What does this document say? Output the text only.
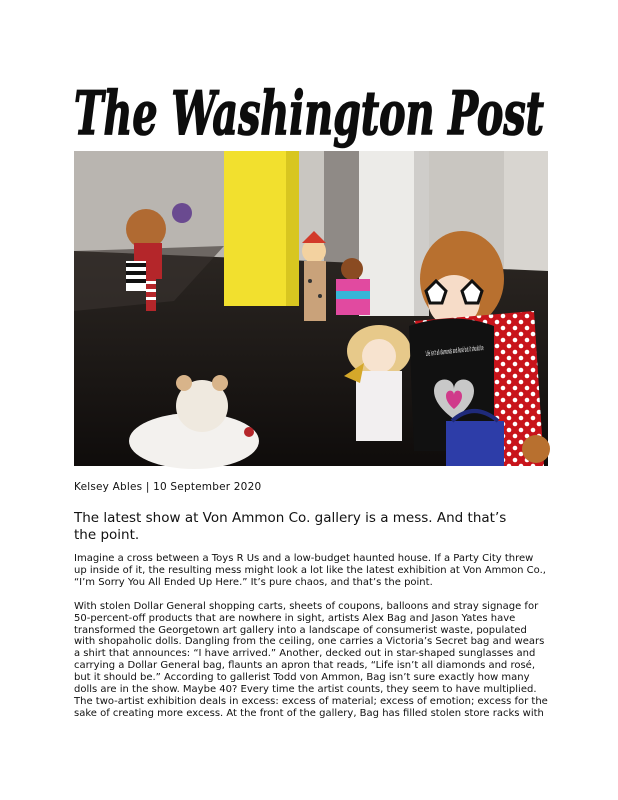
The Washington Post
Kelsey Ables | 10 September 2020
The latest show at Von Ammon Co. gallery is a mess. And that’s the point.

Imagine a cross between a Toys R Us and a low-budget haunted house. If a Party City threw up inside of it, the resulting mess might look a lot like the latest exhibition at Von Ammon Co., “I’m Sorry You All Ended Up Here.” It’s pure chaos, and that’s the point.

With stolen Dollar General shopping carts, sheets of coupons, balloons and stray signage for 50-percent-off products that are nowhere in sight, artists Alex Bag and Jason Yates have transformed the Georgetown art gallery into a landscape of consumerist waste, populated with shopaholic dolls. Dangling from the ceiling, one carries a Victoria’s Secret bag and wears a shirt that announces: “I have arrived.” Another, decked out in star-shaped sunglasses and carrying a Dollar General bag, flaunts an apron that reads, “Life isn’t all diamonds and rosé, but it should be.” According to gallerist Todd von Ammon, Bag isn’t sure exactly how many dolls are in the show. Maybe 40? Every time the artist counts, they seem to have multiplied.

The two-artist exhibition deals in excess: excess of material; excess of emotion; excess for the sake of creating more excess. At the front of the gallery, Bag has filled stolen store racks with
